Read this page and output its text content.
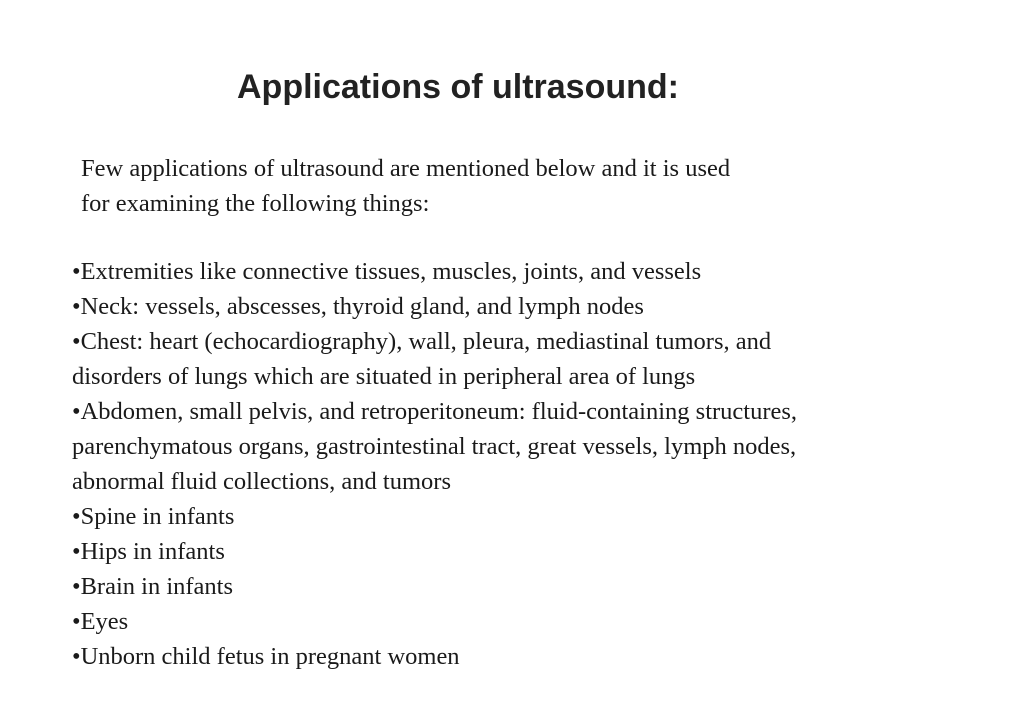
Applications of ultrasound:

Few applications of ultrasound are mentioned below and it is used
for examining the following things:

•Extremities like connective tissues, muscles, joints, and vessels
•Neck: vessels, abscesses, thyroid gland, and lymph nodes
•Chest: heart (echocardiography), wall, pleura, mediastinal tumors, and
disorders of lungs which are situated in peripheral area of lungs
•Abdomen, small pelvis, and retroperitoneum: fluid-containing structures,
parenchymatous organs, gastrointestinal tract, great vessels, lymph nodes,
abnormal fluid collections, and tumors
•Spine in infants
•Hips in infants
•Brain in infants
•Eyes
•Unborn child fetus in pregnant women
